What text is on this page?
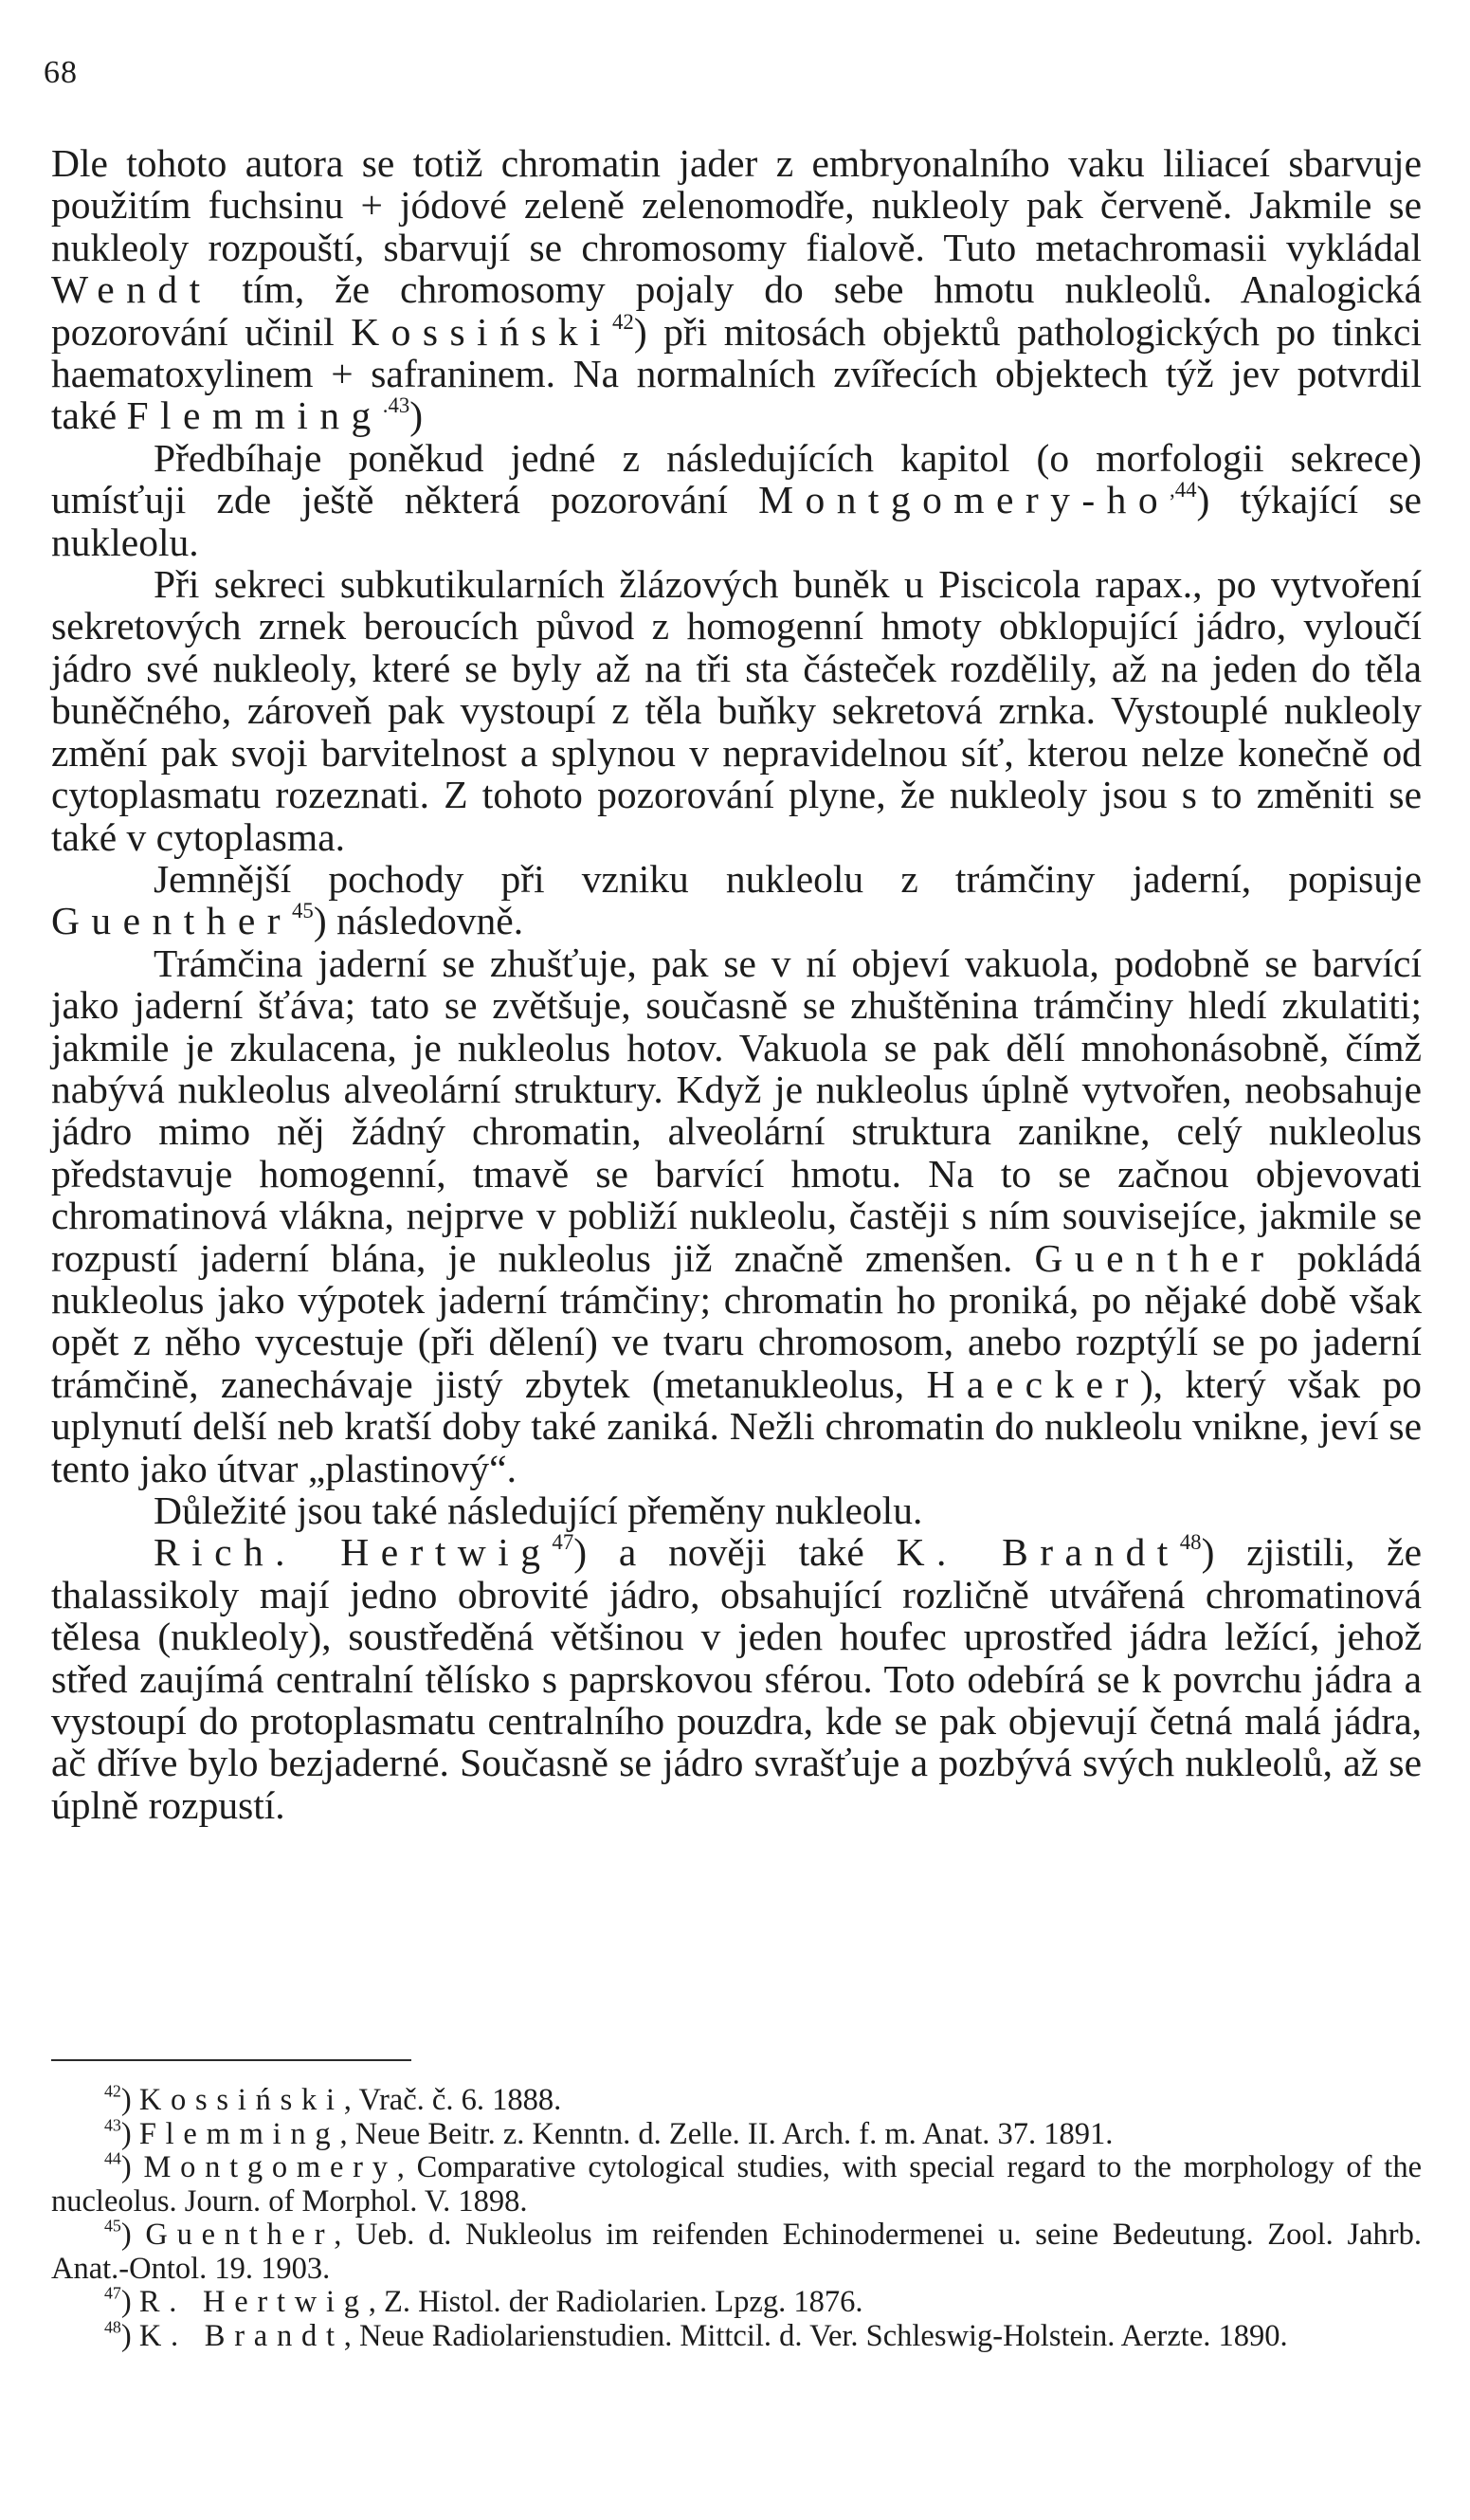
68

Dle tohoto autora se totiž chromatin jader z embryonalního vaku liliaceí sbarvuje použitím fuchsinu + jódové zeleně zelenomodře, nukleoly pak červeně. Jakmile se nukleoly rozpouští, sbarvují se chromosomy fialově. Tuto metachromasii vykládal Wendt tím, že chromosomy pojaly do sebe hmotu nukleolů. Analogická pozorování učinil Kossiński$^{42}$) při mitosách objektů pathologických po tinkci haematoxylinem + safraninem. Na normalních zvířecích objektech týž jev potvrdil také Flemming$^{.43}$)

Předbíhaje poněkud jedné z následujících kapitol (o morfologii sekrece) umísťuji zde ještě některá pozorování Montgomery-$ho^{,44}$) týkající se nukleolu.

Při sekreci subkutikularních žlázových buněk u Piscicola rapax., po vytvoření sekretových zrnek beroucích původ z homogenní hmoty obklopující jádro, vyloučí jádro své nukleoly, které se byly až na tři sta částeček rozdělily, až na jeden do těla buněčného, zároveň pak vystoupí z těla buňky sekretová zrnka. Vystouplé nukleoly změní pak svoji barvitelnost a splynou v nepravidelnou síť, kterou nelze konečně od cytoplasmatu rozeznati. Z tohoto pozorování plyne, že nukleoly jsou s to změniti se také v cytoplasma.

Jemnější pochody při vzniku nukleolu z trámčiny jaderní, popisuje Guenther$^{45}$) následovně.

Trámčina jaderní se zhušťuje, pak se v ní objeví vakuola, podobně se barvící jako jaderní šťáva; tato se zvětšuje, současně se zhuštěnina trámčiny hledí zkulatiti; jakmile je zkulacena, je nukleolus hotov. Vakuola se pak dělí mnohonásobně, čímž nabývá nukleolus alveolární struktury. Když je nukleolus úplně vytvořen, neobsahuje jádro mimo něj žádný chromatin, alveolární struktura zanikne, celý nukleolus představuje homogenní, tmavě se barvící hmotu. Na to se začnou objevovati chromatinová vlákna, nejprve v pobliží nukleolu, častěji s ním souvisejíce, jakmile se rozpustí jaderní blána, je nukleolus již značně zmenšen. Guenther pokládá nukleolus jako výpotek jaderní trámčiny; chromatin ho proniká, po nějaké době však opět z něho vycestuje (při dělení) ve tvaru chromosom, anebo rozptýlí se po jaderní trámčině, zanechávaje jistý zbytek (metanukleolus, Haecker), který však po uplynutí delší neb kratší doby také zaniká. Nežli chromatin do nukleolu vnikne, jeví se tento jako útvar „plastinový“.

Důležité jsou také následující přeměny nukleolu.

Rich. Hertwig$^{47}$) a nověji také K. Brandt$^{48}$) zjistili, že thalassikoly mají jedno obrovité jádro, obsahující rozličně utvářená chromatinová tělesa (nukleoly), soustředěná většinou v jeden houfec uprostřed jádra ležící, jehož střed zaujímá centralní tělísko s paprskovou sférou. Toto odebírá se k povrchu jádra a vystoupí do protoplasmatu centralního pouzdra, kde se pak objevují četná malá jádra, ač dříve bylo bezjaderné. Současně se jádro svrašťuje a pozbývá svých nukleolů, až se úplně rozpustí.

$^{42}$) Kossiński, Vrač. č. 6. 1888.

$^{43}$) Flemming, Neue Beitr. z. Kenntn. d. Zelle. II. Arch. f. m. Anat. 37. 1891.

$^{44}$) Montgomery, Comparative cytological studies, with special regard to the morphology of the nucleolus. Journ. of Morphol. V. 1898.

$^{45}$) Guenther, Ueb. d. Nukleolus im reifenden Echinodermenei u. seine Bedeutung. Zool. Jahrb. Anat.-Ontol. 19. 1903.

$^{47}$) R. Hertwig, Z. Histol. der Radiolarien. Lpzg. 1876.

$^{48}$) K. Brandt, Neue Radiolarienstudien. Mittcil. d. Ver. Schleswig-Holstein. Aerzte. 1890.
